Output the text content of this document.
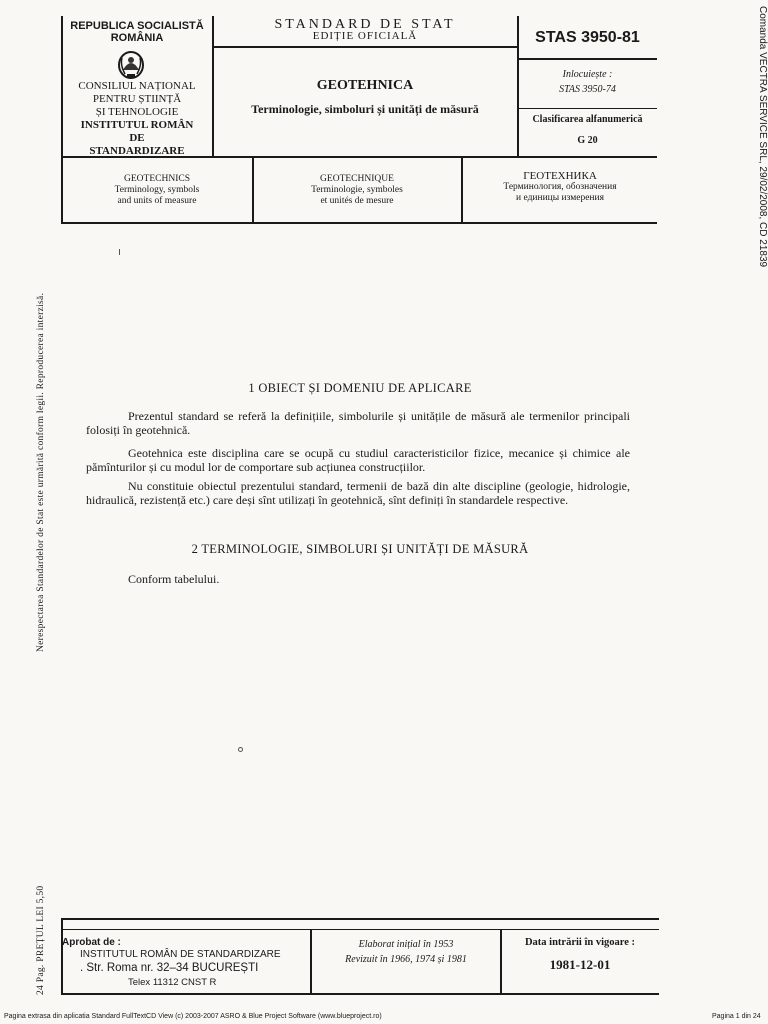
REPUBLICA SOCIALISTĂ
ROMÂNIA
CONSILIUL NAȚIONAL
PENTRU ȘTIINȚĂ
ȘI TEHNOLOGIE
INSTITUTUL ROMÂN
DE
STANDARDIZARE
STANDARD DE STAT
EDIȚIE OFICIALĂ
GEOTEHNICA
Terminologie, simboluri și unități de măsură
STAS 3950-81
Inlocuiește :
STAS 3950-74
Clasificarea alfanumerică
G 20
GEOTECHNICS
Terminology, symbols
and units of measure
GEOTECHNIQUE
Terminologie, symboles
et unités de mesure
ГЕОТЕХНИКА
Терминология, обозначения
и единицы измерения
1 OBIECT ȘI DOMENIU DE APLICARE
Prezentul standard se referă la definițiile, simbolurile și unitățile de măsură ale termenilor principali folosiți în geotehnică.
Geotehnica este disciplina care se ocupă cu studiul caracteristicilor fizice, mecanice și chimice ale pămînturilor și cu modul lor de comportare sub acțiunea construcțiilor.
Nu constituie obiectul prezentului standard, termenii de bază din alte discipline (geologie, hidrologie, hidraulică, rezistență etc.) care deși sînt utilizați în geotehnică, sînt definiți în standardele respective.
2 TERMINOLOGIE, SIMBOLURI ȘI UNITĂȚI DE MĂSURĂ
Conform tabelului.
Aprobat de :
INSTITUTUL ROMÂN DE STANDARDIZARE
. Str. Roma nr. 32–34 BUCUREȘTI
Telex 11312 CNST R
Elaborat inițial în 1953
Revizuit în 1966, 1974 și 1981
Data intrării în vigoare :
1981-12-01
Nerespectarea Standardelor de Stat este urmărită conform legii. Reproducerea interzisă.
24 Pag. PREȚUL LEI 5,50
Comanda VECTRA SERVICE SRL, 29/02/2008, CD 21839
Pagina extrasa din aplicatia Standard FullTextCD View (c) 2003-2007 ASRO & Blue Project Software (www.blueproject.ro)	Pagina 1 din 24
